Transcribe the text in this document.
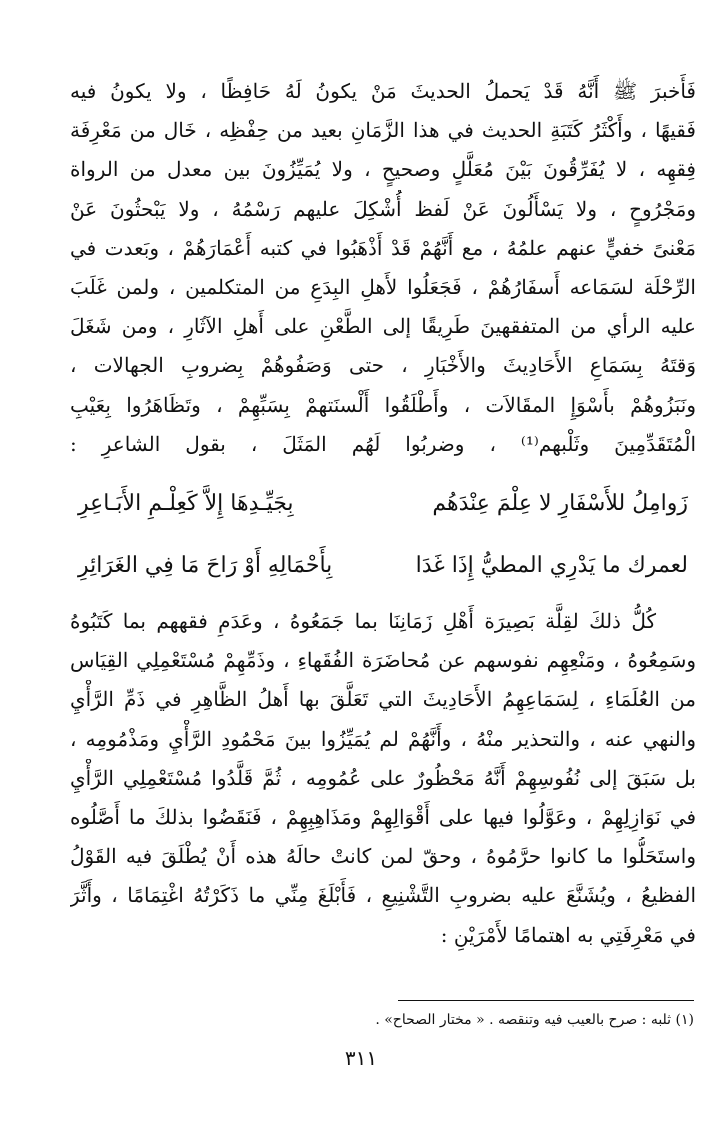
فَأَخبرَ ﷺ أَنَّهُ قَدْ يَحملُ الحديثَ مَنْ يكونُ لَهُ حَافِظًا ، ولا يكونُ فيه

فَقيهًا ، وأَكْثَرُ كَتَبَةِ الحديث في هذا الزَّمَانِ بعيد من حِفْظِه ، خَال من مَعْرِفَة

فِقهِه ، لا يُفَرِّقُونَ بَيْنَ مُعَلَّلٍ وصحيحٍ ، ولا يُمَيِّزُونَ بين معدل من الرواة

ومَجْرُوحٍ ، ولا يَسْأَلُونَ عَنْ لَفظ أُشْكِلَ عليهم رَسْمُهُ ، ولا يَبْحثُونَ عَنْ

مَعْنىً خفيٍّ عنهم علمُهُ ، مع أَنَّهُمْ قَدْ أَذْهَبُوا في كتبه أَعْمَارَهُمْ ، وبَعدت في

الرِّحْلَة لسَمَاعه أَسفَارُهُمْ ، فَجَعَلُوا لأَهلِ البِدَعِ من المتكلمين ، ولمن غَلَبَ

عليه الرأي من المتفقهينَ طَرِيقًا إلى الطَّعْنِ على أَهلِ الآثَارِ ، ومن شَغَلَ

وَقتَهُ بِسَمَاعِ الأَحَادِيثَ والأَخْبَارِ ، حتى وَصَفُوهُمْ بِضروبِ الجهالات ،

ونَبَزُوهُمْ بأَسْوَإِ المقَالاَت ، وأَطْلَقُوا أَلْسنَتهمْ بِسَبِّهِمْ ، وتَظَاهَرُوا بِعَيْبِ

الْمُتَقَدِّمِينَ وثَلْبهم⁽¹⁾ ، وضربُوا لَهُم المَثَلَ ، بقول الشاعرِ :

زَوامِلُ للأَسْفَارِ لا عِلْمَ عِنْدَهُم
بِجَيِّـدِهَا إِلاَّ كَعِلْـمِ الأَبَـاعِرِ
لعمرك ما يَدْرِي المطيُّ إِذَا غَدَا
بِأَحْمَالِهِ أَوْ رَاحَ مَا فِي الغَرَائِرِ

كُلُّ ذلكَ لقِلَّة بَصِيرَة أَهْلِ زَمَانِنَا بما جَمَعُوهُ ، وعَدَمِ فقههم بما كَتَبُوهُ

وسَمِعُوهُ ، ومَنْعِهِم نفوسهم عن مُحاضَرَة الفُقَهاءِ ، وذَمِّهِمْ مُسْتَعْمِلِي القِيَاس

من العُلَمَاءِ ، لِسَمَاعِهِمُ الأَحَادِيثَ التي تَعَلَّقَ بها أَهلُ الظَّاهِرِ في ذَمِّ الرَّأْيِ

والنهي عنه ، والتحذير منْهُ ، وأَنَّهُمْ لم يُمَيِّزُوا بينَ مَحْمُودِ الرَّأْيِ ومَذْمُومِه ،

بل سَبَقَ إلى نُفُوسِهِمْ أَنَّهُ مَحْظُورٌ على عُمُومِه ، ثُمَّ قَلَّدُوا مُسْتَعْمِلِي الرَّأْيِ

في نَوَازِلِهِمْ ، وعَوَّلُوا فيها على أَقْوَالِهِمْ ومَذَاهِبِهِمْ ، فَنَقَضُوا بذلكَ ما أَصَّلُوه

واستَحَلُّوا ما كانوا حرَّمُوهُ ، وحقّ لمن كانتْ حالَهُ هذه أَنْ يُطْلَقَ فيه القَوْلُ

الفظيعُ ، ويُشَنَّعَ عليه بضروبِ التَّشْنِيعِ ، فَأَبْلَغَ مِنِّي ما ذَكَرْتُهُ اغْتِمَامًا ، وأَثَّرَ

في مَعْرِفَتِي به اهتمامًا لأَمْرَيْنِ :

(١) ثلبه : صرح بالعيب فيه وتنقصه . « مختار الصحاح» .
٣١١
